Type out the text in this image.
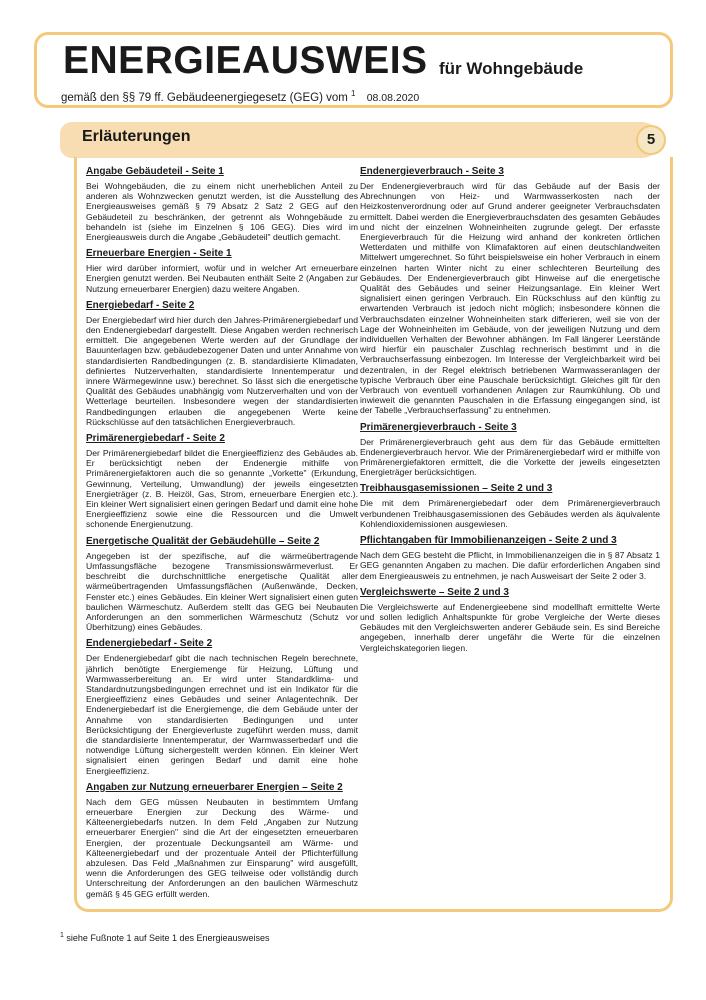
ENERGIEAUSWEIS für Wohngebäude
gemäß den §§ 79 ff. Gebäudeenergiegesetz (GEG) vom $^1$ 08.08.2020
Erläuterungen	5
Angabe Gebäudeteil - Seite 1

Bei Wohngebäuden, die zu einem nicht unerheblichen Anteil zu anderen als Wohnzwecken genutzt werden, ist die Ausstellung des Energieausweises gemäß § 79 Absatz 2 Satz 2 GEG auf den Gebäudeteil zu beschränken, der getrennt als Wohngebäude zu behandeln ist (siehe im Einzelnen § 106 GEG). Dies wird im Energieausweis durch die Angabe „Gebäudeteil" deutlich gemacht.

Erneuerbare Energien - Seite 1

Hier wird darüber informiert, wofür und in welcher Art erneuerbare Energien genutzt werden. Bei Neubauten enthält Seite 2 (Angaben zur Nutzung erneuerbarer Energien) dazu weitere Angaben.

Energiebedarf - Seite 2

Der Energiebedarf wird hier durch den Jahres-Primärenergiebedarf und den Endenergiebedarf dargestellt. Diese Angaben werden rechnerisch ermittelt. Die angegebenen Werte werden auf der Grundlage der Bauunterlagen bzw. gebäudebezogener Daten und unter Annahme von standardisierten Randbedingungen (z. B. standardisierte Klimadaten, definiertes Nutzerverhalten, standardisierte Innentemperatur und innere Wärmegewinne usw.) berechnet. So lässt sich die energetische Qualität des Gebäudes unabhängig vom Nutzerverhalten und von der Wetterlage beurteilen. Insbesondere wegen der standardisierten Randbedingungen erlauben die angegebenen Werte keine Rückschlüsse auf den tatsächlichen Energieverbrauch.

Primärenergiebedarf - Seite 2

Der Primärenergiebedarf bildet die Energieeffizienz des Gebäudes ab. Er berücksichtigt neben der Endenergie mithilfe von Primärenergiefaktoren auch die so genannte „Vorkette" (Erkundung, Gewinnung, Verteilung, Umwandlung) der jeweils eingesetzten Energieträger (z. B. Heizöl, Gas, Strom, erneuerbare Energien etc.). Ein kleiner Wert signalisiert einen geringen Bedarf und damit eine hohe Energieeffizienz sowie eine die Ressourcen und die Umwelt schonende Energienutzung.

Energetische Qualität der Gebäudehülle – Seite 2

Angegeben ist der spezifische, auf die wärmeübertragende Umfassungsfläche bezogene Transmissionswärmeverlust. Er beschreibt die durchschnittliche energetische Qualität aller wärmeübertragenden Umfassungsflächen (Außenwände, Decken, Fenster etc.) eines Gebäudes. Ein kleiner Wert signalisiert einen guten baulichen Wärmeschutz. Außerdem stellt das GEG bei Neubauten Anforderungen an den sommerlichen Wärmeschutz (Schutz vor Überhitzung) eines Gebäudes.

Endenergiebedarf - Seite 2

Der Endenergiebedarf gibt die nach technischen Regeln berechnete, jährlich benötigte Energiemenge für Heizung, Lüftung und Warmwasserbereitung an. Er wird unter Standardklima- und Standardnutzungsbedingungen errechnet und ist ein Indikator für die Energieeffizienz eines Gebäudes und seiner Anlagentechnik. Der Endenergiebedarf ist die Energiemenge, die dem Gebäude unter der Annahme von standardisierten Bedingungen und unter Berücksichtigung der Energieverluste zugeführt werden muss, damit die standardisierte Innentemperatur, der Warmwasserbedarf und die notwendige Lüftung sichergestellt werden können. Ein kleiner Wert signalisiert einen geringen Bedarf und damit eine hohe Energieeffizienz.

Angaben zur Nutzung erneuerbarer Energien – Seite 2

Nach dem GEG müssen Neubauten in bestimmtem Umfang erneuerbare Energien zur Deckung des Wärme- und Kälteenergiebedarfs nutzen. In dem Feld „Angaben zur Nutzung erneuerbarer Energien" sind die Art der eingesetzten erneuerbaren Energien, der prozentuale Deckungsanteil am Wärme- und Kälteenergiebedarf und der prozentuale Anteil der Pflichterfüllung abzulesen. Das Feld „Maßnahmen zur Einsparung" wird ausgefüllt, wenn die Anforderungen des GEG teilweise oder vollständig durch Unterschreitung der Anforderungen an den baulichen Wärmeschutz gemäß § 45 GEG erfüllt werden.

Endenergieverbrauch - Seite 3

Der Endenergieverbrauch wird für das Gebäude auf der Basis der Abrechnungen von Heiz- und Warmwasserkosten nach der Heizkostenverordnung oder auf Grund anderer geeigneter Verbrauchsdaten ermittelt. Dabei werden die Energieverbrauchsdaten des gesamten Gebäudes und nicht der einzelnen Wohneinheiten zugrunde gelegt. Der erfasste Energieverbrauch für die Heizung wird anhand der konkreten örtlichen Wetterdaten und mithilfe von Klimafaktoren auf einen deutschlandweiten Mittelwert umgerechnet. So führt beispielsweise ein hoher Verbrauch in einem einzelnen harten Winter nicht zu einer schlechteren Beurteilung des Gebäudes. Der Endenergieverbrauch gibt Hinweise auf die energetische Qualität des Gebäudes und seiner Heizungsanlage. Ein kleiner Wert signalisiert einen geringen Verbrauch. Ein Rückschluss auf den künftig zu erwartenden Verbrauch ist jedoch nicht möglich; insbesondere können die Verbrauchsdaten einzelner Wohneinheiten stark differieren, weil sie von der Lage der Wohneinheiten im Gebäude, von der jeweiligen Nutzung und dem individuellen Verhalten der Bewohner abhängen. Im Fall längerer Leerstände wird hierfür ein pauschaler Zuschlag rechnerisch bestimmt und in die Verbrauchserfassung einbezogen. Im Interesse der Vergleichbarkeit wird bei dezentralen, in der Regel elektrisch betriebenen Warmwasseranlagen der typische Verbrauch über eine Pauschale berücksichtigt. Gleiches gilt für den Verbrauch von eventuell vorhandenen Anlagen zur Raumkühlung. Ob und inwieweit die genannten Pauschalen in die Erfassung eingegangen sind, ist der Tabelle „Verbrauchserfassung" zu entnehmen.

Primärenergieverbrauch - Seite 3

Der Primärenergieverbrauch geht aus dem für das Gebäude ermittelten Endenergieverbrauch hervor. Wie der Primärenergiebedarf wird er mithilfe von Primärenergiefaktoren ermittelt, die die Vorkette der jeweils eingesetzten Energieträger berücksichtigen.

Treibhausgasemissionen – Seite 2 und 3

Die mit dem Primärenergiebedarf oder dem Primärenergieverbrauch verbundenen Treibhausgasemissionen des Gebäudes werden als äquivalente Kohlendioxidemissionen ausgewiesen.

Pflichtangaben für Immobilienanzeigen - Seite 2 und 3

Nach dem GEG besteht die Pflicht, in Immobilienanzeigen die in § 87 Absatz 1 GEG genannten Angaben zu machen. Die dafür erforderlichen Angaben sind dem Energieausweis zu entnehmen, je nach Ausweisart der Seite 2 oder 3.

Vergleichswerte – Seite 2 und 3

Die Vergleichswerte auf Endenergieebene sind modellhaft ermittelte Werte und sollen lediglich Anhaltspunkte für grobe Vergleiche der Werte dieses Gebäudes mit den Vergleichswerten anderer Gebäude sein. Es sind Bereiche angegeben, innerhalb derer ungefähr die Werte für die einzelnen Vergleichskategorien liegen.

$^1$ siehe Fußnote 1 auf Seite 1 des Energieausweises
